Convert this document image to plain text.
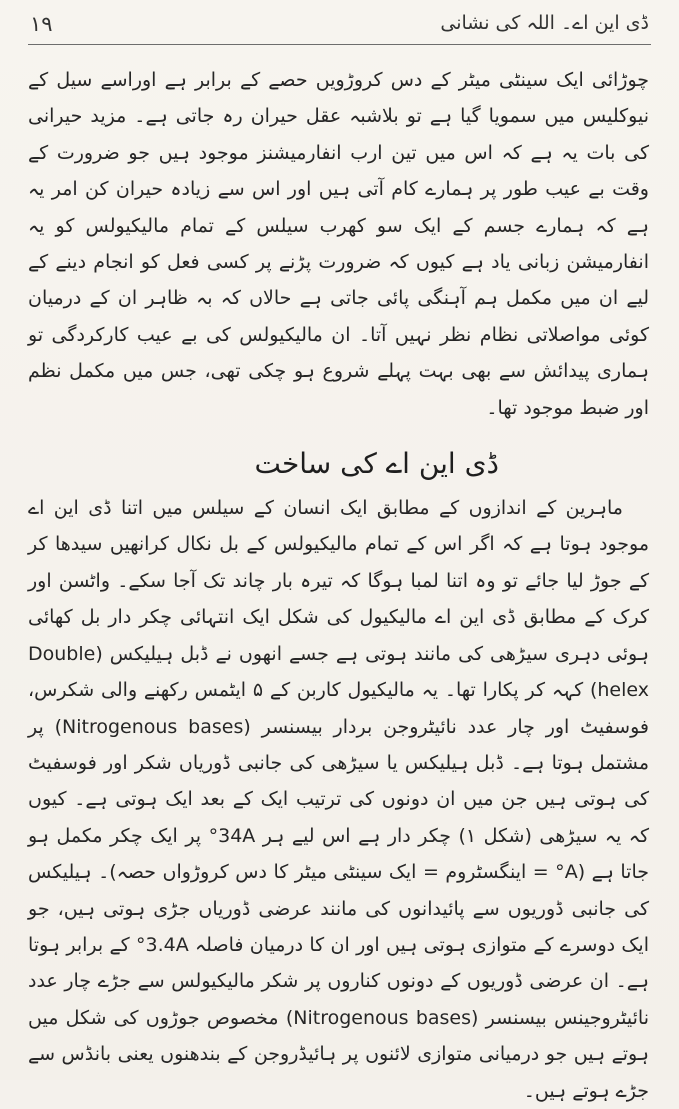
١٩	ڈی این اے۔ اللہ کی نشانی

چوڑائی ایک سینٹی میٹر کے دس کروڑویں حصے کے برابر ہے اوراسے سیل کے نیوکلیس میں سمویا گیا ہے تو بلاشبہ عقل حیران رہ جاتی ہے۔ مزید حیرانی کی بات یہ ہے کہ اس میں تین ارب انفارمیشنز موجود ہیں جو ضرورت کے وقت بے عیب طور پر ہمارے کام آتی ہیں اور اس سے زیادہ حیران کن امر یہ ہے کہ ہمارے جسم کے ایک سو کھرب سیلس کے تمام مالیکیولس کو یہ انفارمیشن زبانی یاد ہے کیوں کہ ضرورت پڑنے پر کسی فعل کو انجام دینے کے لیے ان میں مکمل ہم آہنگی پائی جاتی ہے حالاں کہ بہ ظاہر ان کے درمیان کوئی مواصلاتی نظام نظر نہیں آتا۔ ان مالیکیولس کی بے عیب کارکردگی تو ہماری پیدائش سے بھی بہت پہلے شروع ہو چکی تھی، جس میں مکمل نظم اور ضبط موجود تھا۔

ڈی این اے کی ساخت

ماہرین کے اندازوں کے مطابق ایک انسان کے سیلس میں اتنا ڈی این اے موجود ہوتا ہے کہ اگر اس کے تمام مالیکیولس کے بل نکال کرانھیں سیدھا کر کے جوڑ لیا جائے تو وہ اتنا لمبا ہوگا کہ تیرہ بار چاند تک آجا سکے۔ واٹسن اور کرک کے مطابق ڈی این اے مالیکیول کی شکل ایک انتہائی چکر دار بل کھائی ہوئی دہری سیڑھی کی مانند ہوتی ہے جسے انھوں نے ڈبل ہیلیکس (Double helex) کہہ کر پکارا تھا۔ یہ مالیکیول کاربن کے ۵ ایٹمس رکھنے والی شکرس، فوسفیٹ اور چار عدد نائیٹروجن بردار بیسنسر (Nitrogenous bases) پر مشتمل ہوتا ہے۔ ڈبل ہیلیکس یا سیڑھی کی جانبی ڈوریاں شکر اور فوسفیٹ کی ہوتی ہیں جن میں ان دونوں کی ترتیب ایک کے بعد ایک ہوتی ہے۔ کیوں کہ یہ سیڑھی (شکل ۱) چکر دار ہے اس لیے ہر 34A° پر ایک چکر مکمل ہو جاتا ہے (A° = اینگسٹروم = ایک سینٹی میٹر کا دس کروڑواں حصہ)۔ ہیلیکس کی جانبی ڈوریوں سے پائیدانوں کی مانند عرضی ڈوریاں جڑی ہوتی ہیں، جو ایک دوسرے کے متوازی ہوتی ہیں اور ان کا درمیان فاصلہ 3.4A° کے برابر ہوتا ہے۔ ان عرضی ڈوریوں کے دونوں کناروں پر شکر مالیکیولس سے جڑے چار عدد نائیٹروجینس بیسنسر (Nitrogenous bases) مخصوص جوڑوں کی شکل میں ہوتے ہیں جو درمیانی متوازی لائنوں پر ہائیڈروجن کے بندھنوں یعنی بانڈس سے جڑے ہوتے ہیں۔
